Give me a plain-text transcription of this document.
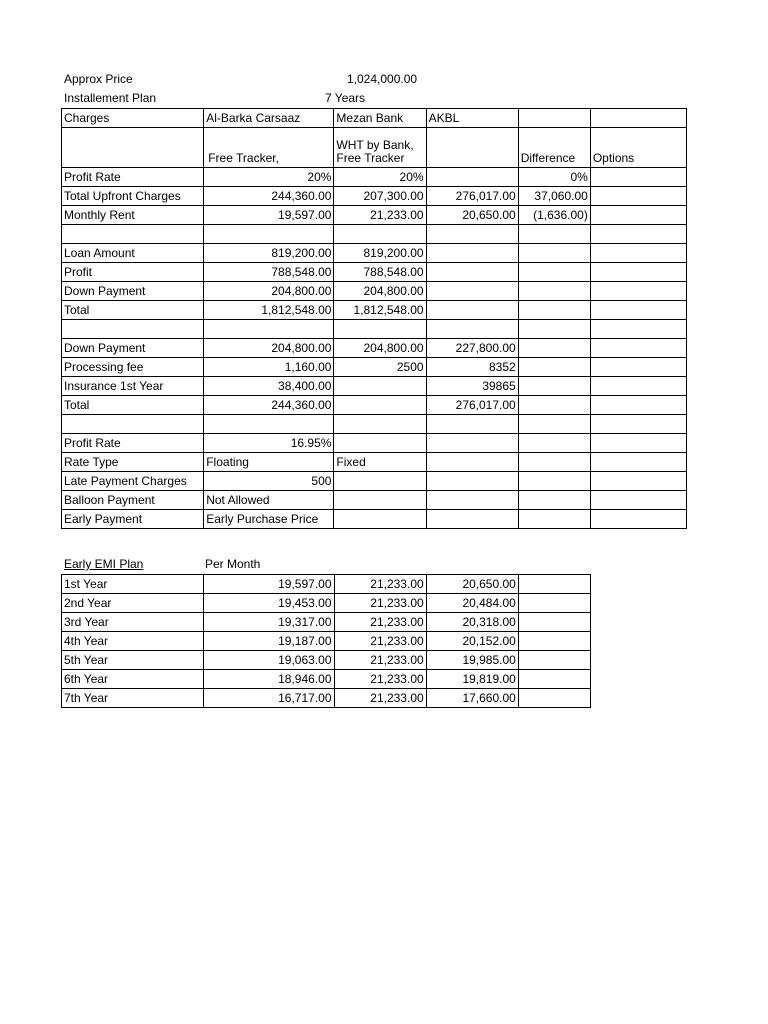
Approx Price	1,024,000.00
Installement Plan	7 Years
Charges	Al-Barka Carsaaz	Mezan Bank	AKBL		
	Free Tracker,	WHT by Bank, Free Tracker		Difference	Options
Profit Rate	20%	20%		0%	
Total Upfront Charges	244,360.00	207,300.00	276,017.00	37,060.00	
Monthly Rent	19,597.00	21,233.00	20,650.00	(1,636.00)	

Loan Amount	819,200.00	819,200.00			
Profit	788,548.00	788,548.00			
Down Payment	204,800.00	204,800.00			
Total	1,812,548.00	1,812,548.00			

Down Payment	204,800.00	204,800.00	227,800.00		
Processing fee	1,160.00	2500	8352		
Insurance 1st Year	38,400.00		39865		
Total	244,360.00		276,017.00		

Profit Rate	16.95%				
Rate Type	Floating	Fixed			
Late Payment Charges	500				
Balloon Payment	Not Allowed				
Early Payment	Early Purchase Price				
Early EMI Plan	Per Month
1st Year	19,597.00	21,233.00	20,650.00	
2nd Year	19,453.00	21,233.00	20,484.00	
3rd Year	19,317.00	21,233.00	20,318.00	
4th Year	19,187.00	21,233.00	20,152.00	
5th Year	19,063.00	21,233.00	19,985.00	
6th Year	18,946.00	21,233.00	19,819.00	
7th Year	16,717.00	21,233.00	17,660.00	
